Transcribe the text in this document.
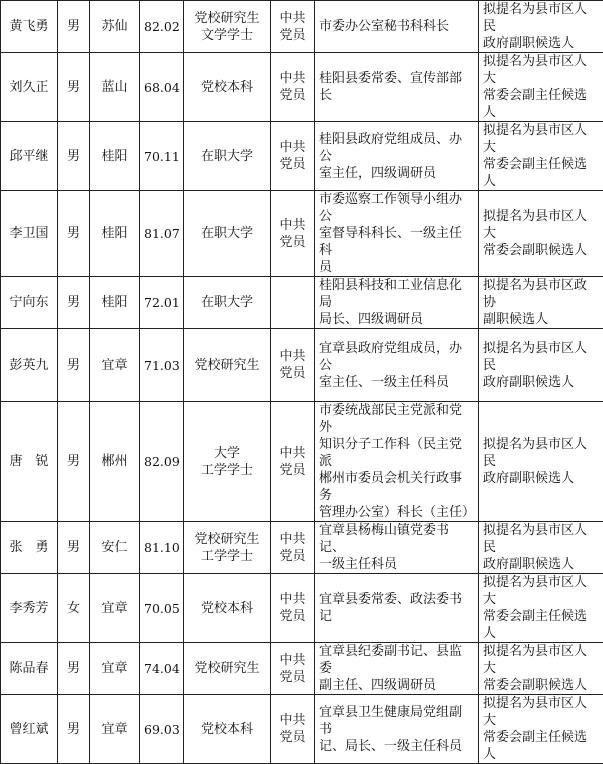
黄飞勇	男	苏仙	82.02	党校研究生
文学学士	中共
党员	市委办公室秘书科科长	拟提名为县市区人民
政府副职候选人

刘久正	男	蓝山	68.04	党校本科	中共
党员	桂阳县委常委、宣传部部长	拟提名为县市区人大
常委会副主任候选人

邱平继	男	桂阳	70.11	在职大学	中共
党员	桂阳县政府党组成员、办公
室主任，四级调研员	拟提名为县市区人大
常委会副主任候选人

李卫国	男	桂阳	81.07	在职大学	中共
党员	市委巡察工作领导小组办公
室督导科科长、一级主任科
员	拟提名为县市区人大
常委会副职候选人

宁向东	男	桂阳	72.01	在职大学		桂阳县科技和工业信息化局
局长、四级调研员	拟提名为县市区政协
副职候选人

彭英九	男	宜章	71.03	党校研究生	中共
党员	宜章县政府党组成员，办公
室主任、一级主任科员	拟提名为县市区人民
政府副职候选人

唐　锐	男	郴州	82.09	大学
工学学士	中共
党员	市委统战部民主党派和党外
知识分子工作科（民主党派
郴州市委员会机关行政事务
管理办公室）科长（主任）	拟提名为县市区人民
政府副职候选人

张　勇	男	安仁	81.10	党校研究生
工学学士	中共
党员	宜章县杨梅山镇党委书记、
一级主任科员	拟提名为县市区人民
政府副职候选人

李秀芳	女	宜章	70.05	党校本科	中共
党员	宜章县委常委、政法委书记	拟提名为县市区人大
常委会副主任候选人

陈品春	男	宜章	74.04	党校研究生	中共
党员	宜章县纪委副书记、县监委
副主任、四级调研员	拟提名为县市区人大
常委会副职候选人

曾红斌	男	宜章	69.03	党校本科	中共
党员	宜章县卫生健康局党组副书
记、局长、一级主任科员	拟提名为县市区人大
常委会副主任候选人
